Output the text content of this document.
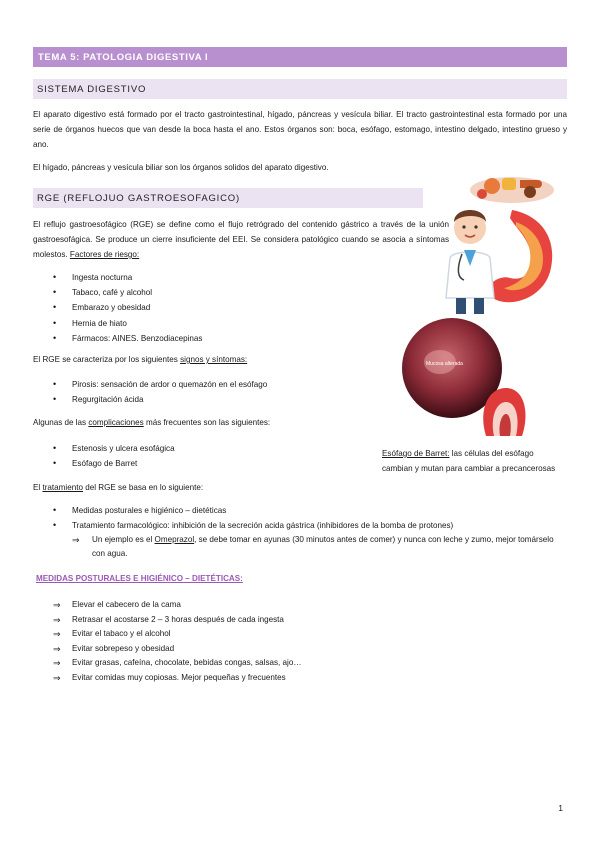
TEMA 5: PATOLOGIA DIGESTIVA I
SISTEMA DIGESTIVO

El aparato digestivo está formado por el tracto gastrointestinal, hígado, páncreas y vesícula biliar. El tracto gastrointestinal esta formado por una serie de órganos huecos que van desde la boca hasta el ano. Estos órganos son: boca, esófago, estomago, intestino delgado, intestino grueso y ano.

El hígado, páncreas y vesícula biliar son los órganos solidos del aparato digestivo.

RGE (REFLOJUO GASTROESOFAGICO)

El reflujo gastroesofágico (RGE) se define como el flujo retrógrado del contenido gástrico a través de la unión gastroesofágica. Se produce un cierre insuficiente del EEI. Se considera patológico cuando se asocia a síntomas molestos. Factores de riesgo:

• Ingesta nocturna
• Tabaco, café y alcohol
• Embarazo y obesidad
• Hernia de hiato
• Fármacos: AINES. Benzodiacepinas
Mucosa alterada

El RGE se caracteriza por los siguientes signos y síntomas:

• Pirosis: sensación de ardor o quemazón en el esófago
• Regurgitación ácida

Algunas de las complicaciones más frecuentes son las siguientes:

• Estenosis y ulcera esofágica
• Esófago de Barret

Esófago de Barret: las células del esófago cambian y mutan para cambiar a precancerosas

El tratamiento del RGE se basa en lo siguiente:

• Medidas posturales e higiénico – dietéticas
• Tratamiento farmacológico: inhibición de la secreción acida gástrica (inhibidores de la bomba de protones)
⇒ Un ejemplo es el Omeprazol, se debe tomar en ayunas (30 minutos antes de comer) y nunca con leche y zumo, mejor tomárselo con agua.
MEDIDAS POSTURALES E HIGIÉNICO – DIETÉTICAS:
⇒ Elevar el cabecero de la cama
⇒ Retrasar el acostarse 2 – 3 horas después de cada ingesta
⇒ Evitar el tabaco y el alcohol
⇒ Evitar sobrepeso y obesidad
⇒ Evitar grasas, cafeína, chocolate, bebidas congas, salsas, ajo…
⇒ Evitar comidas muy copiosas. Mejor pequeñas y frecuentes
1
